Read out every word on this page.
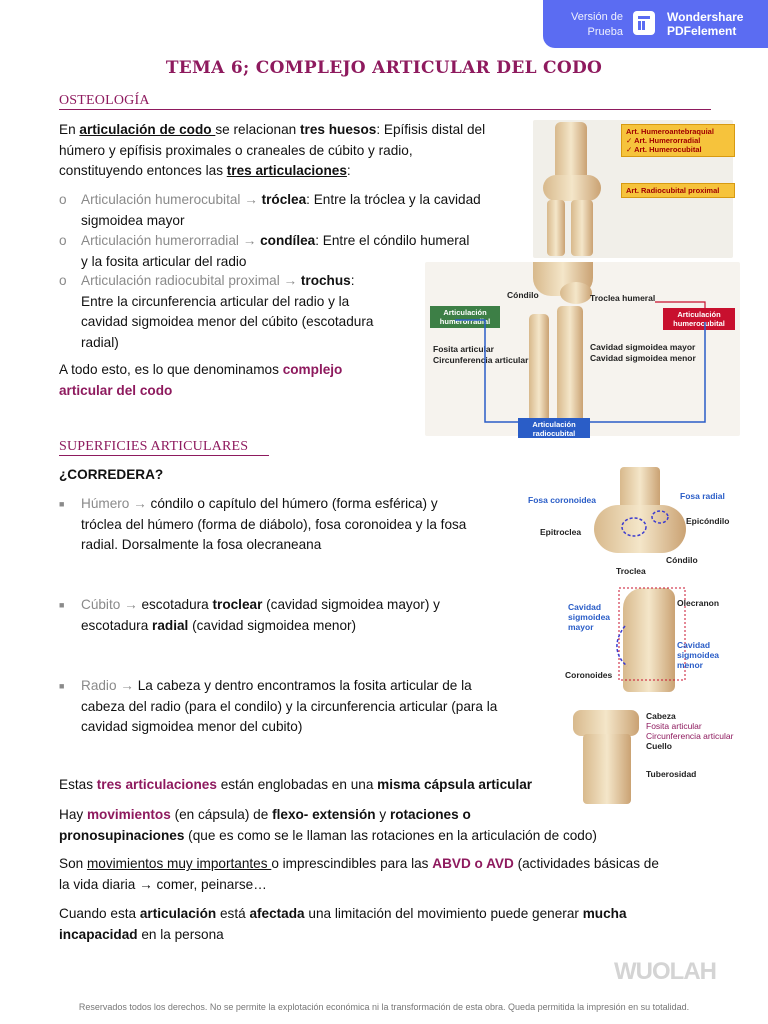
Versión de
Prueba
Wondershare
PDFelement
TEMA 6; COMPLEJO ARTICULAR DEL CODO
OSTEOLOGÍA
En articulación de codo se relacionan tres huesos: Epífisis distal del
húmero y epífisis proximales o craneales de cúbito y radio,
constituyendo entonces las tres articulaciones:
o Articulación humerocubital → tróclea: Entre la tróclea y la cavidad
sigmoidea mayor
o Articulación humerorradial → condílea: Entre el cóndilo humeral
y la fosita articular del radio
o Articulación radiocubital proximal → trochus:
Entre la circunferencia articular del radio y la
cavidad sigmoidea menor del cúbito (escotadura
radial)
A todo esto, es lo que denominamos complejo
articular del codo
Art. Humeroantebraquial
✓ Art. Humerorradial
✓ Art. Humerocubital
Art. Radiocubital proximal
Cóndilo	Troclea humeral
Articulación humerorradial
Articulación humerocubital
Fosita articular
Circunferencia articular
Cavidad sigmoidea mayor
Cavidad sigmoidea menor
Articulación radiocubital proximal
SUPERFICIES ARTICULARES
¿CORREDERA?
■ Húmero → cóndilo o capítulo del húmero (forma esférica) y
tróclea del húmero (forma de diábolo), fosa coronoidea y la fosa
radial. Dorsalmente la fosa olecraneana
■ Cúbito → escotadura troclear (cavidad sigmoidea mayor) y
escotadura radial (cavidad sigmoidea menor)
■ Radio → La cabeza y dentro encontramos la fosita articular de la
cabeza del radio (para el condilo) y la circunferencia articular (para la
cavidad sigmoidea menor del cubito)
Fosa coronoidea	Fosa radial
Epitroclea
Epicóndilo
Cóndilo
Troclea
Cavidad sigmoidea mayor
Olecranon
Cavidad sigmoidea menor
Coronoides
Cabeza
Fosita articular
Circunferencia articular
Cuello
Tuberosidad
Estas tres articulaciones están englobadas en una misma cápsula articular
Hay movimientos (en cápsula) de flexo- extensión y rotaciones o
pronosupinaciones (que es como se le llaman las rotaciones en la articulación de codo)
Son movimientos muy importantes o imprescindibles para las ABVD o AVD (actividades básicas de
la vida diaria → comer, peinarse…
Cuando esta articulación está afectada una limitación del movimiento puede generar mucha
incapacidad en la persona
WUOLAH
Reservados todos los derechos. No se permite la explotación económica ni la transformación de esta obra. Queda permitida la impresión en su totalidad.
